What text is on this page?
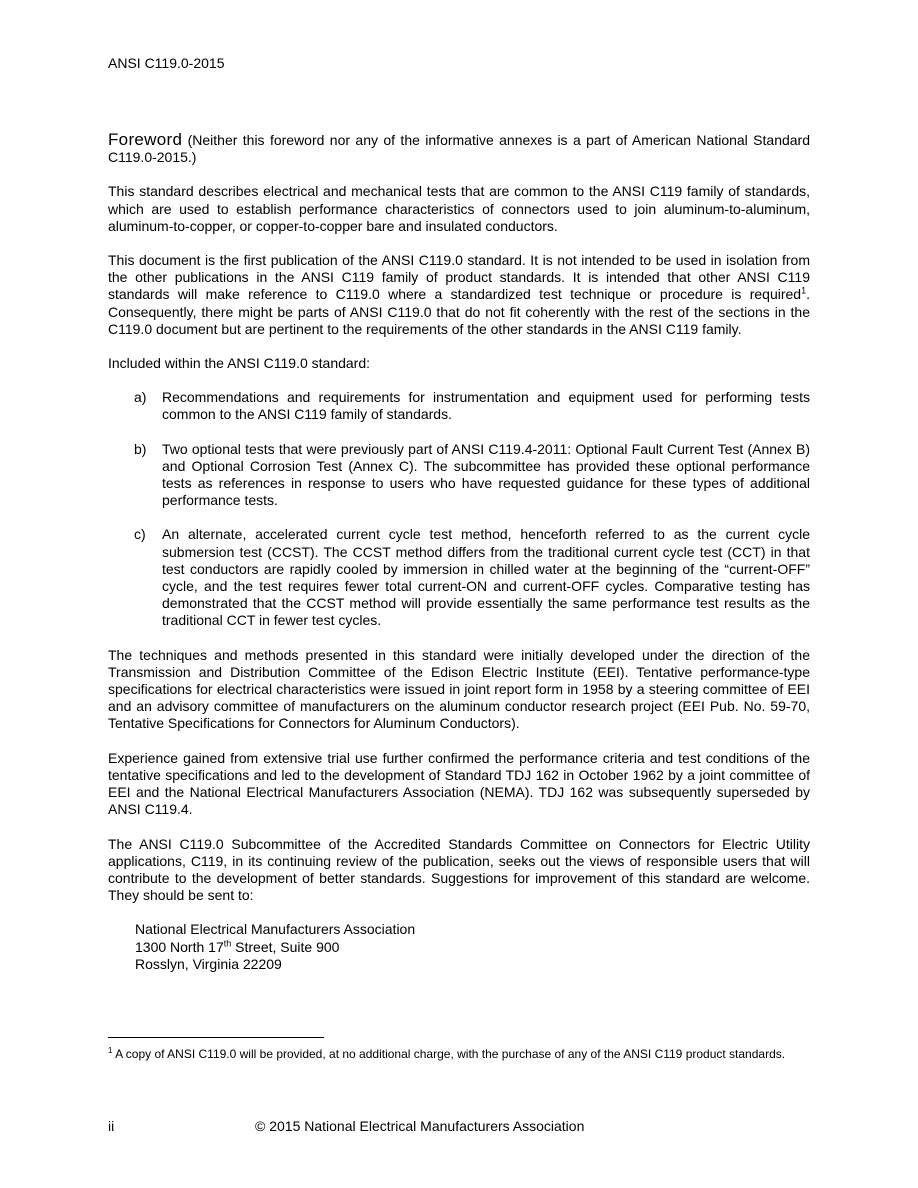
ANSI C119.0-2015

Foreword (Neither this foreword nor any of the informative annexes is a part of American National Standard C119.0-2015.)

This standard describes electrical and mechanical tests that are common to the ANSI C119 family of standards, which are used to establish performance characteristics of connectors used to join aluminum-to-aluminum, aluminum-to-copper, or copper-to-copper bare and insulated conductors.

This document is the first publication of the ANSI C119.0 standard. It is not intended to be used in isolation from the other publications in the ANSI C119 family of product standards. It is intended that other ANSI C119 standards will make reference to C119.0 where a standardized test technique or procedure is required$^1$. Consequently, there might be parts of ANSI C119.0 that do not fit coherently with the rest of the sections in the C119.0 document but are pertinent to the requirements of the other standards in the ANSI C119 family.

Included within the ANSI C119.0 standard:

a) Recommendations and requirements for instrumentation and equipment used for performing tests common to the ANSI C119 family of standards.
b) Two optional tests that were previously part of ANSI C119.4-2011: Optional Fault Current Test (Annex B) and Optional Corrosion Test (Annex C). The subcommittee has provided these optional performance tests as references in response to users who have requested guidance for these types of additional performance tests.
c) An alternate, accelerated current cycle test method, henceforth referred to as the current cycle submersion test (CCST). The CCST method differs from the traditional current cycle test (CCT) in that test conductors are rapidly cooled by immersion in chilled water at the beginning of the “current-OFF” cycle, and the test requires fewer total current-ON and current-OFF cycles. Comparative testing has demonstrated that the CCST method will provide essentially the same performance test results as the traditional CCT in fewer test cycles.

The techniques and methods presented in this standard were initially developed under the direction of the Transmission and Distribution Committee of the Edison Electric Institute (EEI). Tentative performance-type specifications for electrical characteristics were issued in joint report form in 1958 by a steering committee of EEI and an advisory committee of manufacturers on the aluminum conductor research project (EEI Pub. No. 59-70, Tentative Specifications for Connectors for Aluminum Conductors).

Experience gained from extensive trial use further confirmed the performance criteria and test conditions of the tentative specifications and led to the development of Standard TDJ 162 in October 1962 by a joint committee of EEI and the National Electrical Manufacturers Association (NEMA). TDJ 162 was subsequently superseded by ANSI C119.4.

The ANSI C119.0 Subcommittee of the Accredited Standards Committee on Connectors for Electric Utility applications, C119, in its continuing review of the publication, seeks out the views of responsible users that will contribute to the development of better standards. Suggestions for improvement of this standard are welcome. They should be sent to:

National Electrical Manufacturers Association
1300 North 17th Street, Suite 900
Rosslyn, Virginia 22209
$^1$ A copy of ANSI C119.0 will be provided, at no additional charge, with the purchase of any of the ANSI C119 product standards.
ii	© 2015 National Electrical Manufacturers Association
